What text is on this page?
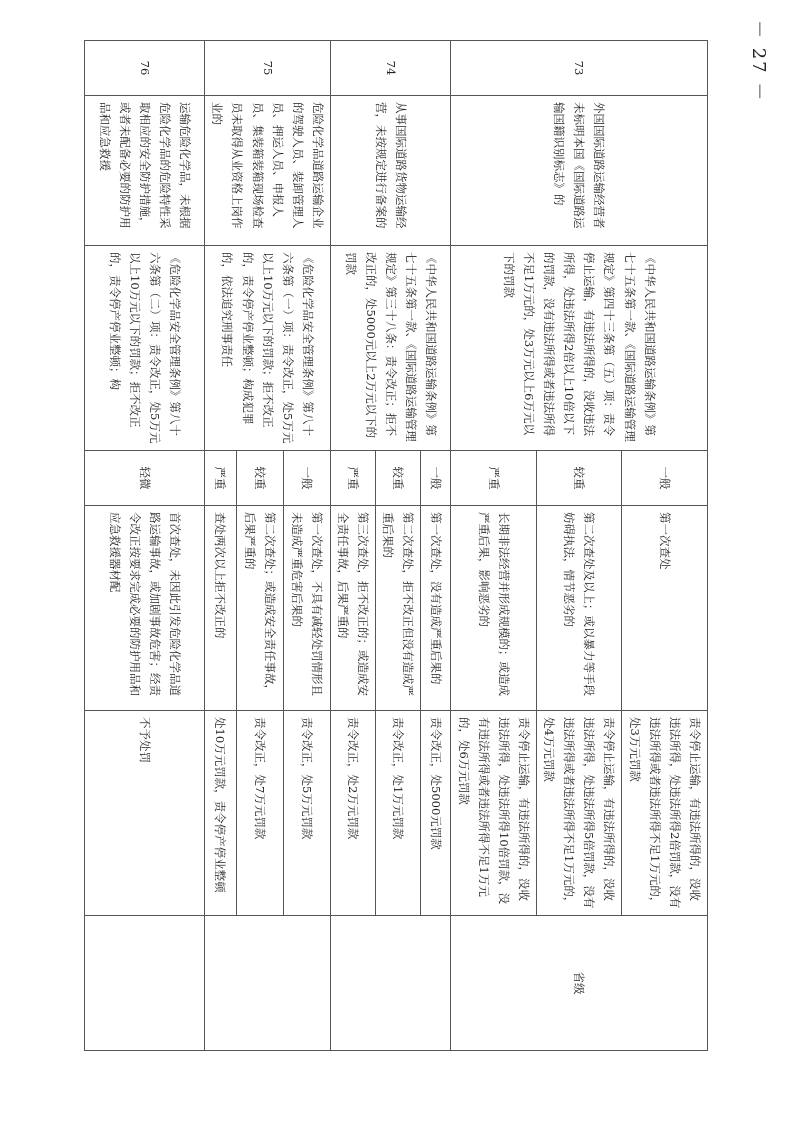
－ 27 －
73	外国国际道路运输经营者未标明本国《国际道路运输国籍识别标志》的	《中华人民共和国道路运输条例》第七十五条第一款、《国际道路运输管理规定》第四十三条第（五）项：责令停止运输，有违法所得的，没收违法所得，处违法所得2倍以上10倍以下的罚款，没有违法所得或者违法所得不足1万元的，处3万元以上6万元以下的罚款	一般	第一次查处	责令停止运输，有违法所得的，没收违法所得，处违法所得2倍罚款，没有违法所得或者违法所得不足1万元的，处3万元罚款	省级
			较重	第二次查处及以上；或以暴力等手段妨碍执法，情节恶劣的	责令停止运输，有违法所得的，没收违法所得，处违法所得5倍罚款，没有违法所得或者违法所得不足1万元的，处4万元罚款	
			严重	长期非法经营并形成规模的；或造成严重后果，影响恶劣的	责令停止运输，有违法所得的，没收违法所得，处违法所得10倍罚款，没有违法所得或者违法所得不足1万元的，处6万元罚款	
74	从事国际道路货物运输经营，未按规定进行备案的	《中华人民共和国道路运输条例》第七十五条第一款、《国际道路运输管理规定》第三十八条：责令改正；拒不改正的，处5000元以上2万元以下的罚款	一般	第一次查处，没有造成严重后果的	责令改正，处5000元罚款	
			较重	第二次查处，拒不改正但没有造成严重后果的	责令改正，处1万元罚款	
			严重	第三次查处，拒不改正的；或造成安全责任事故，后果严重的	责令改正，处2万元罚款	
75	危险化学品道路运输企业的驾驶人员、装卸管理人员、押运人员、申报人员、集装箱装箱现场检查员未取得从业资格上岗作业的	《危险化学品安全管理条例》第八十六条第（一）项：责令改正，处5万元以上10万元以下的罚款；拒不改正的，责令停产停业整顿；构成犯罪的，依法追究刑事责任	一般	第一次查处，不具有减轻处罚情形且未造成严重危害后果的	责令改正，处5万元罚款	
			较重	第二次查处；或造成安全责任事故，后果严重的	责令改正，处7万元罚款	
			严重	查处两次以上拒不改正的	处10万元罚款，责令停产停业整顿	
76	运输危险化学品，未根据危险化学品的危险特性采取相应的安全防护措施，或者未配备必要的防护用品和应急救援	《危险化学品安全管理条例》第八十六条第（二）项：责令改正，处5万元以上10万元以下的罚款；拒不改正的，责令停产停业整顿；构	轻微	首次查处，未因此引发危险化学品道路运输事故，或加剧事故危害；经责令改正按要求完成必要的防护用品和应急救援器材配	不予处罚	
